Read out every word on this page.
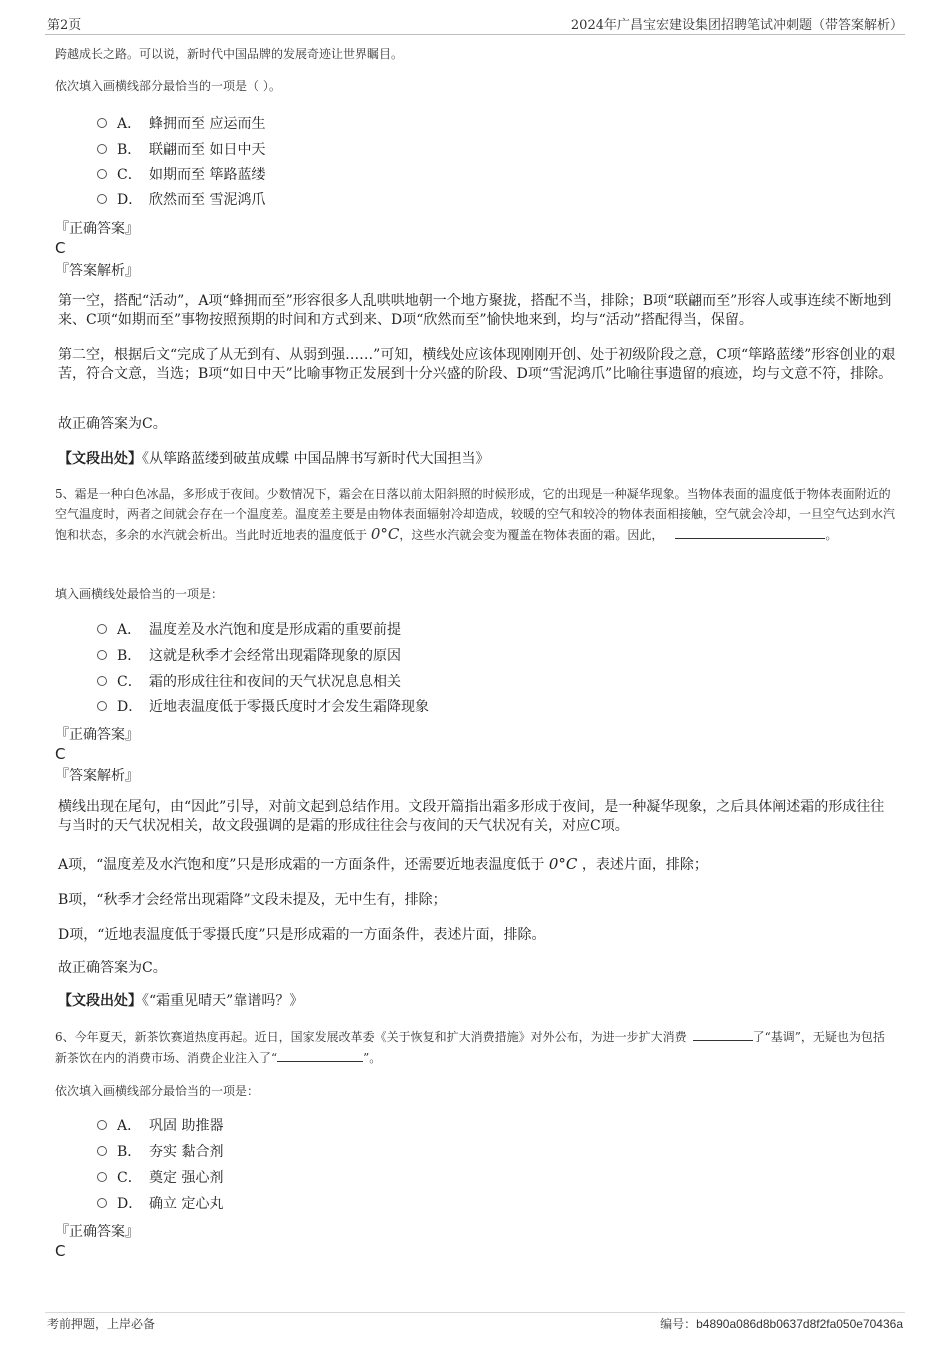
第2页	2024年广昌宝宏建设集团招聘笔试冲刺题（带答案解析）
跨越成长之路。可以说，新时代中国品牌的发展奇迹让世界瞩目。
依次填入画横线部分最恰当的一项是（ ）。
A． 蜂拥而至 应运而生
B． 联翩而至 如日中天
C． 如期而至 筚路蓝缕
D． 欣然而至 雪泥鸿爪
『正确答案』
C
『答案解析』
第一空，搭配“活动”，A项“蜂拥而至”形容很多人乱哄哄地朝一个地方聚拢，搭配不当，排除；B项“联翩而至”形容人或事连续不断地到来、C项“如期而至”事物按照预期的时间和方式到来、D项“欣然而至”愉快地来到，均与“活动”搭配得当，保留。
第二空，根据后文“完成了从无到有、从弱到强……”可知，横线处应该体现刚刚开创、处于初级阶段之意，C项“筚路蓝缕”形容创业的艰苦，符合文意，当选；B项“如日中天”比喻事物正发展到十分兴盛的阶段、D项“雪泥鸿爪”比喻往事遗留的痕迹，均与文意不符，排除。
故正确答案为C。
【文段出处】《从筚路蓝缕到破茧成蝶 中国品牌书写新时代大国担当》
5、霜是一种白色冰晶，多形成于夜间。少数情况下，霜会在日落以前太阳斜照的时候形成，它的出现是一种凝华现象。当物体表面的温度低于物体表面附近的空气温度时，两者之间就会存在一个温度差。温度差主要是由物体表面辐射冷却造成，较暖的空气和较冷的物体表面相接触，空气就会冷却，一旦空气达到水汽饱和状态，多余的水汽就会析出。当此时近地表的温度低于 0°C，这些水汽就会变为覆盖在物体表面的霜。因此，	。
填入画横线处最恰当的一项是：
A． 温度差及水汽饱和度是形成霜的重要前提
B． 这就是秋季才会经常出现霜降现象的原因
C． 霜的形成往往和夜间的天气状况息息相关
D． 近地表温度低于零摄氏度时才会发生霜降现象
『正确答案』
C
『答案解析』
横线出现在尾句，由“因此”引导，对前文起到总结作用。文段开篇指出霜多形成于夜间，是一种凝华现象，之后具体阐述霜的形成往往与当时的天气状况相关，故文段强调的是霜的形成往往会与夜间的天气状况有关，对应C项。
A项，“温度差及水汽饱和度”只是形成霜的一方面条件，还需要近地表温度低于 0°C ，表述片面，排除；
B项，“秋季才会经常出现霜降”文段未提及，无中生有，排除；
D项，“近地表温度低于零摄氏度”只是形成霜的一方面条件，表述片面，排除。
故正确答案为C。
【文段出处】《“霜重见晴天”靠谱吗？》
6、今年夏天，新茶饮赛道热度再起。近日，国家发展改革委《关于恢复和扩大消费措施》对外公布，为进一步扩大消费	了“基调”，无疑也为包括新茶饮在内的消费市场、消费企业注入了“	”。
依次填入画横线部分最恰当的一项是：
A． 巩固 助推器
B． 夯实 黏合剂
C． 奠定 强心剂
D． 确立 定心丸
『正确答案』
C
考前押题，上岸必备	编号：b4890a086d8b0637d8f2fa050e70436a
